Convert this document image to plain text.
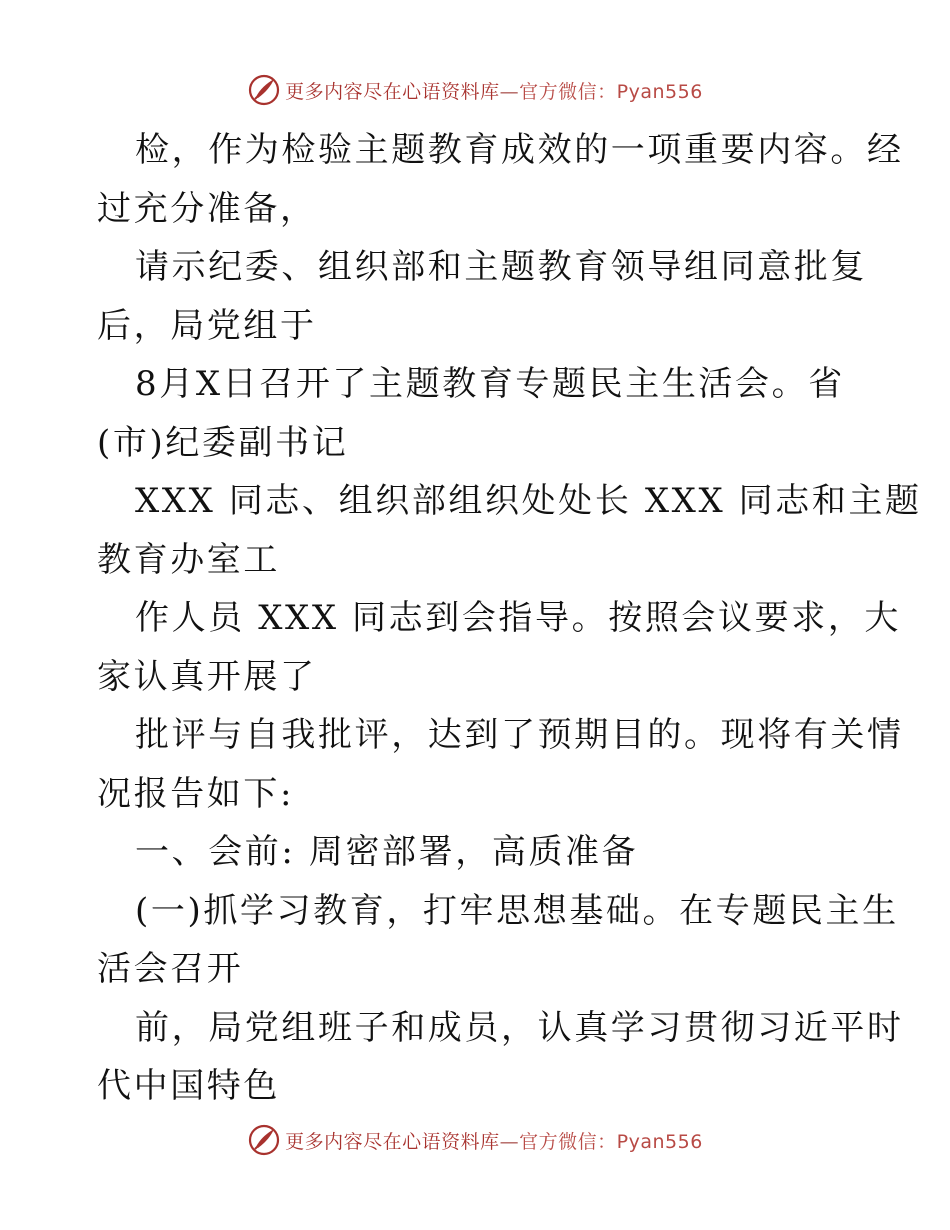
更多内容尽在心语资料库—官方微信：Pyan556

检，作为检验主题教育成效的一项重要内容。经

过充分准备，

请示纪委、组织部和主题教育领导组同意批复

后，局党组于

8月X日召开了主题教育专题民主生活会。省

(市)纪委副书记

XXX 同志、组织部组织处处长 XXX 同志和主题

教育办室工

作人员 XXX 同志到会指导。按照会议要求，大

家认真开展了

批评与自我批评，达到了预期目的。现将有关情

况报告如下:

一、会前: 周密部署，高质准备

(一)抓学习教育，打牢思想基础。在专题民主生

活会召开

前，局党组班子和成员，认真学习贯彻习近平时

代中国特色

更多内容尽在心语资料库—官方微信：Pyan556
